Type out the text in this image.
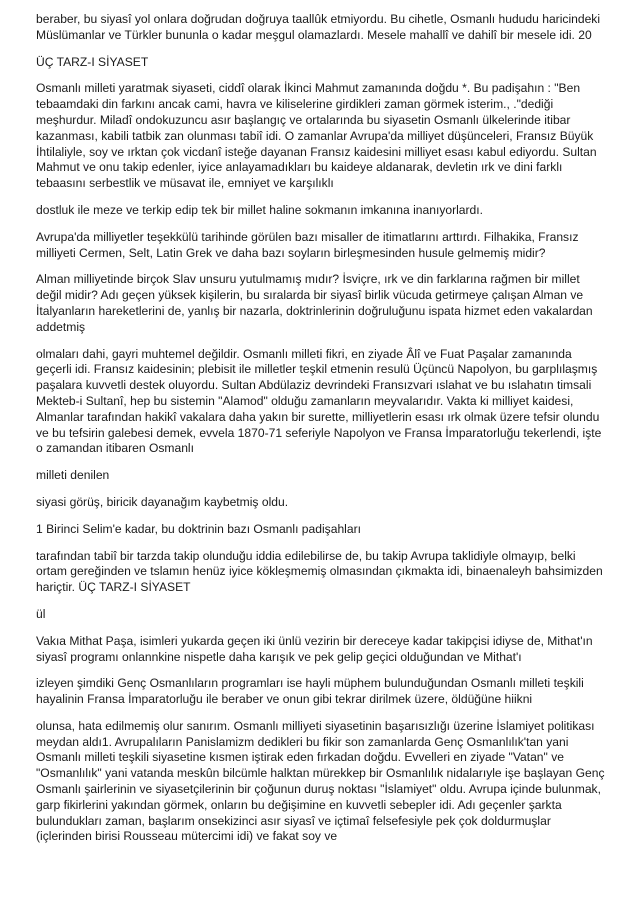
beraber, bu siyasî yol onlara doğrudan doğruya taallûk etmiyordu. Bu cihetle, Osmanlı hududu haricindeki Müslümanlar ve Türkler bununla o kadar meşgul olamazlardı. Mesele mahallî ve dahilî bir mesele idi. 20

ÜÇ TARZ-I SİYASET

Osmanlı milleti yaratmak siyaseti, ciddî olarak İkinci Mahmut zamanında doğdu *. Bu padişahın : "Ben tebaamdaki din farkını ancak cami, havra ve kiliselerine girdikleri zaman görmek isterim., ."dediği meşhurdur. Miladî ondokuzuncu asır başlangıç ve ortalarında bu siyasetin Osmanlı ülkelerinde itibar kazanması, kabili tatbik zan olunması tabiî idi. O zamanlar Avrupa'da milliyet düşünceleri, Fransız Büyük İhtilaliyle, soy ve ırktan çok vicdanî isteğe dayanan Fransız kaidesini milliyet esası kabul ediyordu. Sultan Mahmut ve onu takip edenler, iyice anlayamadıkları bu kaideye aldanarak, devletin ırk ve dini farklı tebaasını serbestlik ve müsavat ile, emniyet ve karşılıklı

dostluk ile meze ve terkip edip tek bir millet haline sokmanın imkanına inanıyorlardı.

Avrupa'da milliyetler teşekkülü tarihinde görülen bazı misaller de itimatlarını arttırdı. Filhakika, Fransız milliyeti Cermen, Selt, Latin Grek ve daha bazı soyların birleşmesinden husule gelmemiş midir?

Alman milliyetinde birçok Slav unsuru yutulmamış mıdır? İsviçre, ırk ve din farklarına rağmen bir millet değil midir? Adı geçen yüksek kişilerin, bu sıralarda bir siyasî birlik vücuda getirmeye çalışan Alman ve İtalyanların hareketlerini de, yanlış bir nazarla, doktrinlerinin doğruluğunu ispata hizmet eden vakalardan addetmiş

olmaları dahi, gayri muhtemel değildir. Osmanlı milleti fikri, en ziyade Âlî ve Fuat Paşalar zamanında geçerli idi. Fransız kaidesinin; plebisit ile milletler teşkil etmenin resulü Üçüncü Napolyon, bu garplılaşmış paşalara kuvvetli destek oluyordu. Sultan Abdülaziz devrindeki Fransızvari ıslahat ve bu ıslahatın timsali Mekteb-i Sultanî, hep bu sistemin "Alamod" olduğu zamanların meyvalarıdır. Vakta ki milliyet kaidesi, Almanlar tarafından hakikî vakalara daha yakın bir surette, milliyetlerin esası ırk olmak üzere tefsir olundu ve bu tefsirin galebesi demek, evvela 1870-71 seferiyle Napolyon ve Fransa İmparatorluğu tekerlendi, işte o zamandan itibaren Osmanlı

milleti denilen

siyasi görüş, biricik dayanağım kaybetmiş oldu.

1 Birinci Selim'e kadar, bu doktrinin bazı Osmanlı padişahları

tarafından tabiî bir tarzda takip olunduğu iddia edilebilirse de, bu takip Avrupa taklidiyle olmayıp, belki ortam gereğinden ve tslamın henüz iyice kökleşmemiş olmasından çıkmakta idi, binaenaleyh bahsimizden hariçtir. ÜÇ TARZ-I SİYASET

ül

Vakıa Mithat Paşa, isimleri yukarda geçen iki ünlü vezirin bir dereceye kadar takipçisi idiyse de, Mithat'ın siyasî programı onlannkine nispetle daha karışık ve pek gelip geçici olduğundan ve Mithat'ı

izleyen şimdiki Genç Osmanlıların programları ise hayli müphem bulunduğundan Osmanlı milleti teşkili hayalinin Fransa İmparatorluğu ile beraber ve onun gibi tekrar dirilmek üzere, öldüğüne hiikni

olunsa, hata edilmemiş olur sanırım. Osmanlı milliyeti siyasetinin başarısızlığı üzerine İslamiyet politikası meydan aldı1. Avrupalıların Panislamizm dedikleri bu fikir son zamanlarda Genç Osmanlılık'tan yani Osmanlı milleti teşkili siyasetine kısmen iştirak eden fırkadan doğdu. Evvelleri en ziyade "Vatan" ve "Osmanlılık" yani vatanda meskûn bilcümle halktan mürekkep bir Osmanlılık nidalarıyle işe başlayan Genç Osmanlı şairlerinin ve siyasetçilerinin bir çoğunun duruş noktası "İslamiyet" oldu. Avrupa içinde bulunmak, garp fikirlerini yakından görmek, onların bu değişimine en kuvvetli sebepler idi. Adı geçenler şarkta bulundukları zaman, başlarım onsekizinci asır siyasî ve içtimaî felsefesiyle pek çok doldurmuşlar (içlerinden birisi Rousseau mütercimi idi) ve fakat soy ve
